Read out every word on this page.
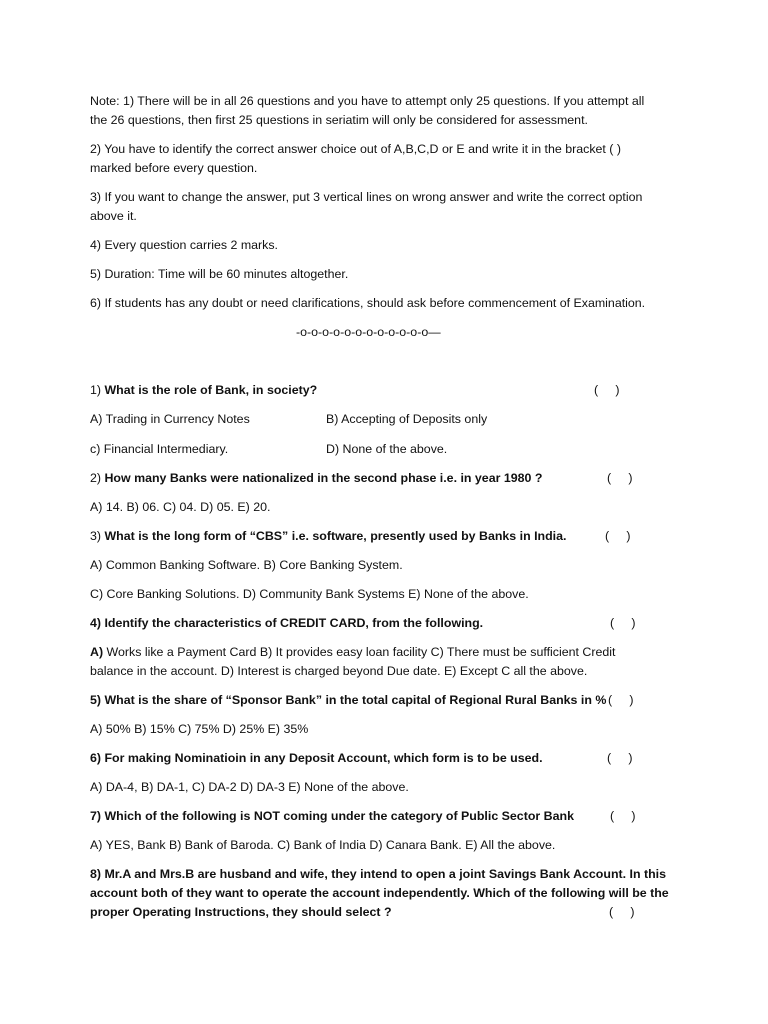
Note: 1) There will be in all 26 questions and you have to attempt only 25 questions. If you attempt all
the 26 questions, then first 25 questions in seriatim will only be considered for assessment.
2) You have to identify the correct answer choice out of A,B,C,D or E and write it in the bracket ( )
marked before every question.
3) If you want to change the answer, put 3 vertical lines on wrong answer and write the correct option
above it.
4) Every question carries 2 marks.
5) Duration: Time will be 60 minutes altogether.
6) If students has any doubt or need clarifications, should ask before commencement of Examination.
-o-o-o-o-o-o-o-o-o-o-o-o—
1) What is the role of Bank, in society?	(     )
A) Trading in Currency Notes	B) Accepting of Deposits only
c) Financial Intermediary.	D) None of the above.
2) How many Banks were nationalized in the second phase i.e. in year 1980 ?	(     )
A) 14. B) 06. C) 04. D) 05. E) 20.
3) What is the long form of “CBS” i.e. software, presently used by Banks in India.	(     )
A) Common Banking Software. B) Core Banking System.
C) Core Banking Solutions. D) Community Bank Systems E) None of the above.
4) Identify the characteristics of CREDIT CARD, from the following.	(     )
A) Works like a Payment Card B) It provides easy loan facility C) There must be sufficient Credit
balance in the account. D) Interest is charged beyond Due date. E) Except C all the above.
5) What is the share of “Sponsor Bank” in the total capital of Regional Rural Banks in % (     )
A) 50% B) 15% C) 75% D) 25% E) 35%
6) For making Nominatioin in any Deposit Account, which form is to be used.	(     )
A) DA-4, B) DA-1, C) DA-2 D) DA-3 E) None of the above.
7) Which of the following is NOT coming under the category of Public Sector Bank	(     )
A) YES, Bank B) Bank of Baroda. C) Bank of India D) Canara Bank. E) All the above.
8) Mr.A and Mrs.B are husband and wife, they intend to open a joint Savings Bank Account. In this
account both of they want to operate the account independently. Which of the following will be the
proper Operating Instructions, they should select ?	(     )
